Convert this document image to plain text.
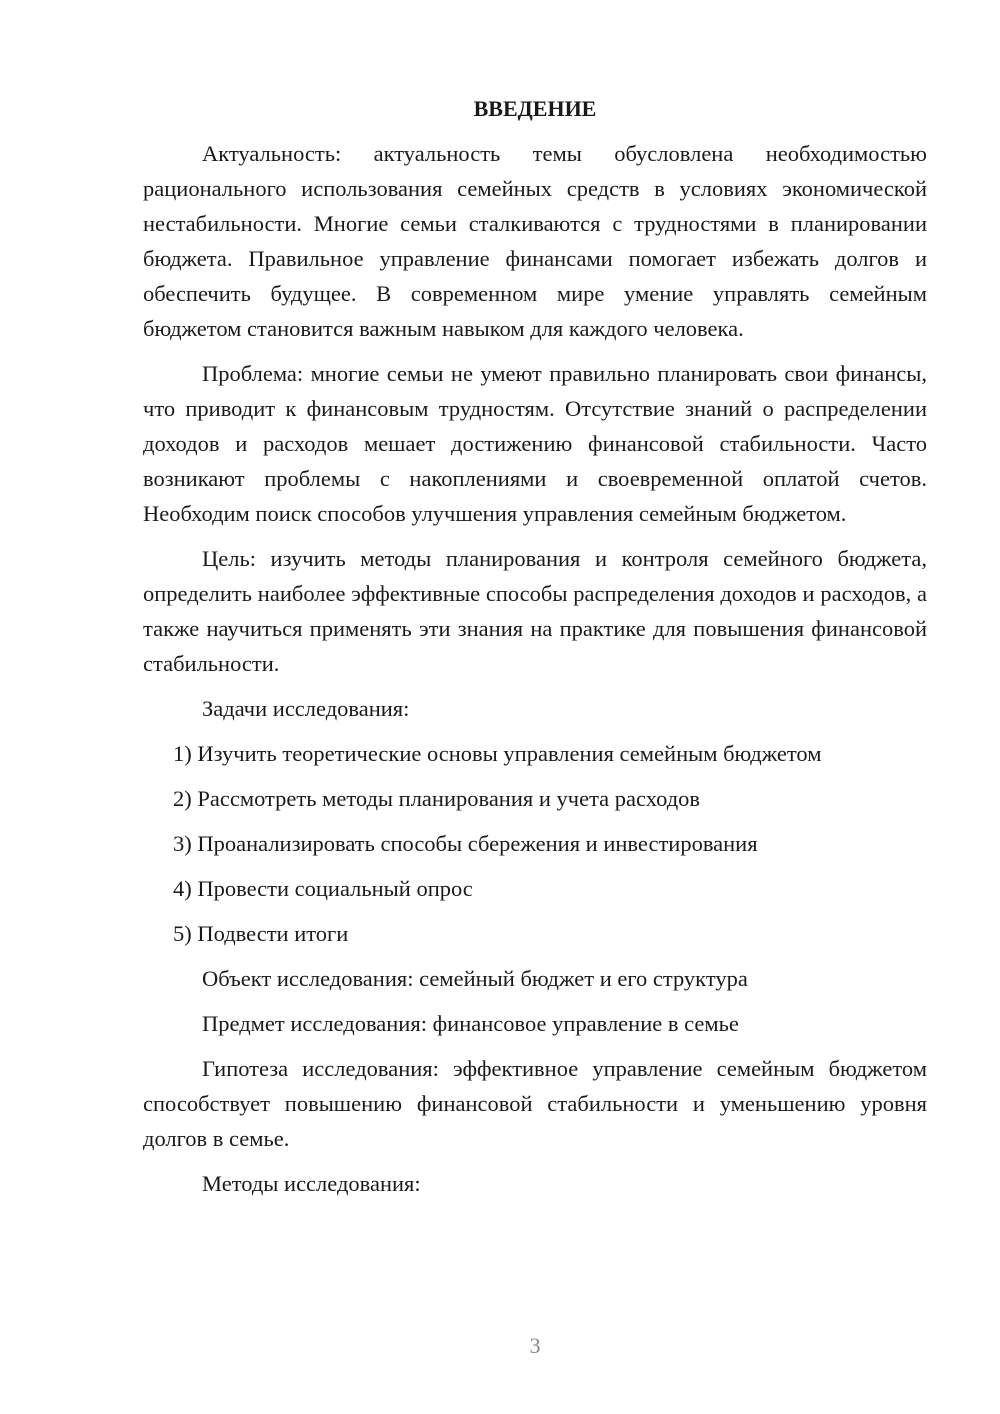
ВВЕДЕНИЕ

Актуальность: актуальность темы обусловлена необходимостью рационального использования семейных средств в условиях экономической нестабильности. Многие семьи сталкиваются с трудностями в планировании бюджета. Правильное управление финансами помогает избежать долгов и обеспечить будущее. В современном мире умение управлять семейным бюджетом становится важным навыком для каждого человека.

Проблема: многие семьи не умеют правильно планировать свои финансы, что приводит к финансовым трудностям. Отсутствие знаний о распределении доходов и расходов мешает достижению финансовой стабильности. Часто возникают проблемы с накоплениями и своевременной оплатой счетов. Необходим поиск способов улучшения управления семейным бюджетом.

Цель: изучить методы планирования и контроля семейного бюджета, определить наиболее эффективные способы распределения доходов и расходов, а также научиться применять эти знания на практике для повышения финансовой стабильности.

Задачи исследования:
1) Изучить теоретические основы управления семейным бюджетом
2) Рассмотреть методы планирования и учета расходов
3) Проанализировать способы сбережения и инвестирования
4) Провести социальный опрос
5) Подвести итоги
Объект исследования: семейный бюджет и его структура
Предмет исследования: финансовое управление в семье

Гипотеза исследования: эффективное управление семейным бюджетом способствует повышению финансовой стабильности и уменьшению уровня долгов в семье.

Методы исследования:
3
